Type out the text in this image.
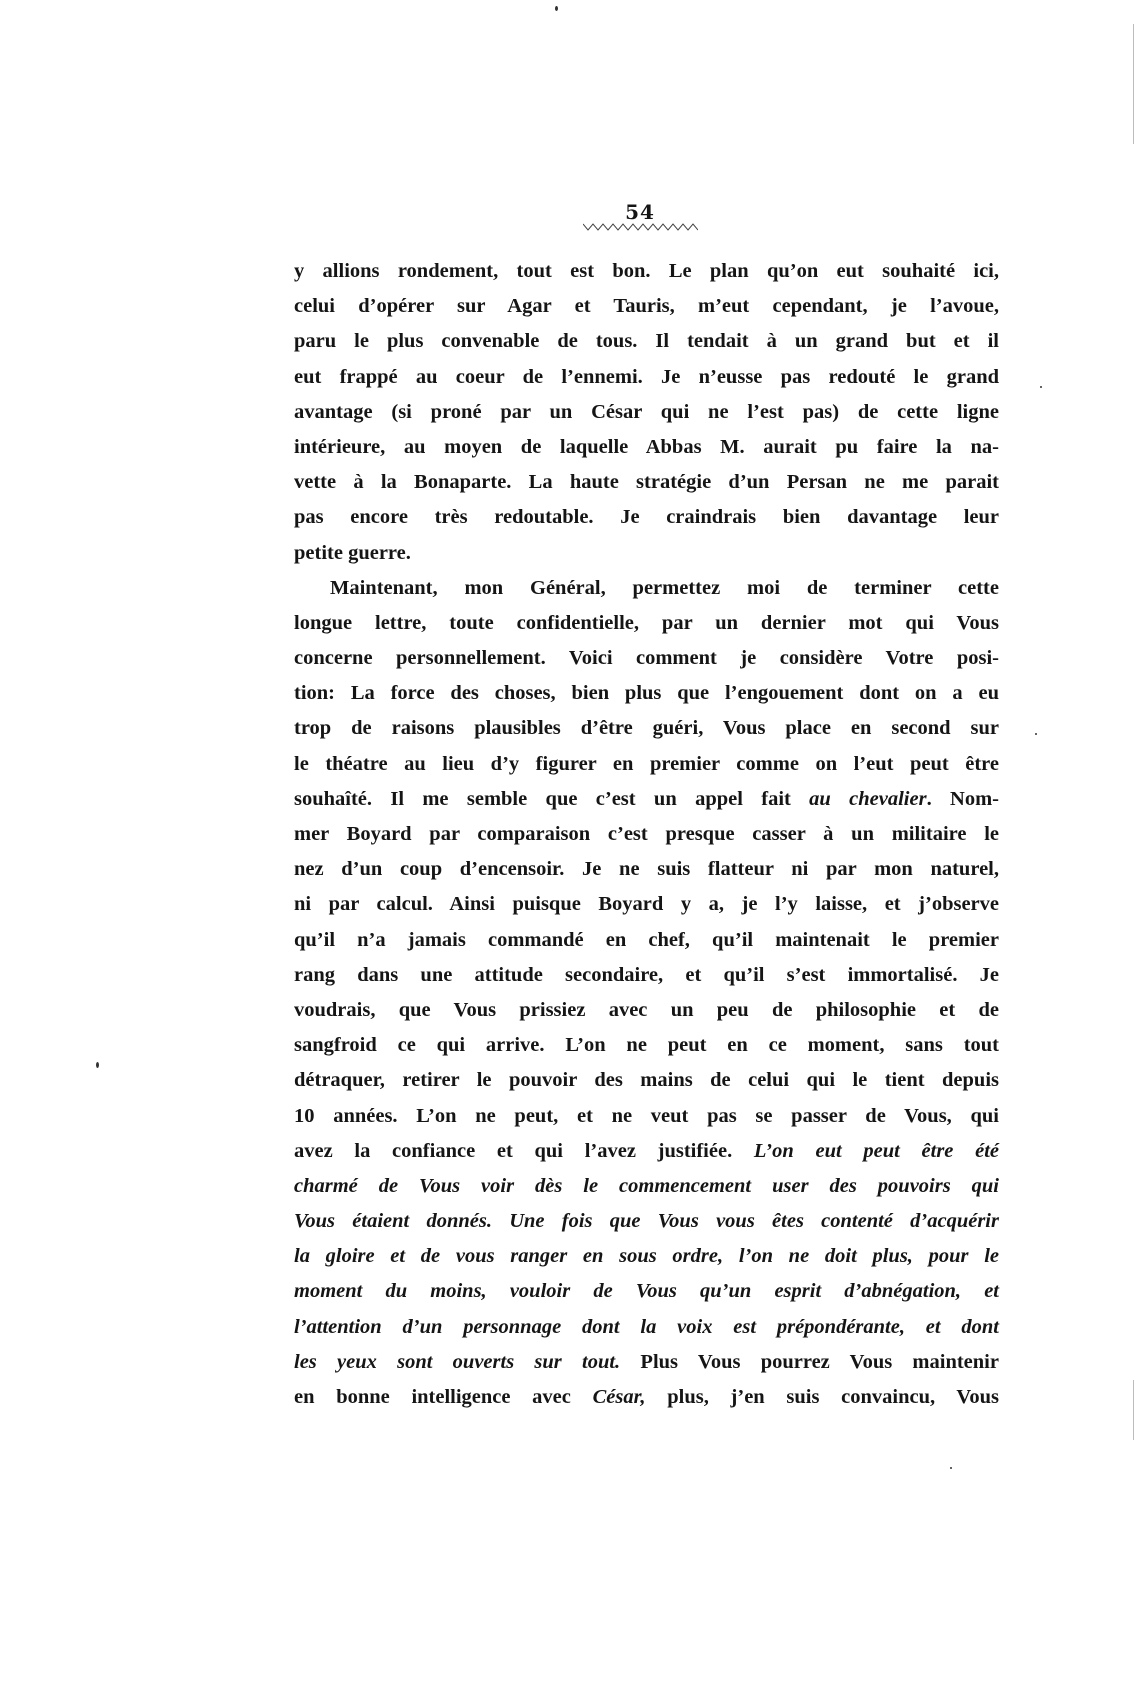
54
y allions rondement, tout est bon. Le plan qu’on eut souhaité ici,
celui d’opérer sur Agar et Tauris, m’eut cependant, je l’avoue,
paru le plus convenable de tous. Il tendait à un grand but et il
eut frappé au coeur de l’ennemi. Je n’eusse pas redouté le grand
avantage (si proné par un César qui ne l’est pas) de cette ligne
intérieure, au moyen de laquelle Abbas M. aurait pu faire la na-
vette à la Bonaparte. La haute stratégie d’un Persan ne me parait
pas encore très redoutable. Je craindrais bien davantage leur
petite guerre.
Maintenant, mon Général, permettez moi de terminer cette
longue lettre, toute confidentielle, par un dernier mot qui Vous
concerne personnellement. Voici comment je considère Votre posi-
tion: La force des choses, bien plus que l’engouement dont on a eu
trop de raisons plausibles d’être guéri, Vous place en second sur
le théatre au lieu d’y figurer en premier comme on l’eut peut être
souhaîté. Il me semble que c’est un appel fait au chevalier. Nom-
mer Boyard par comparaison c’est presque casser à un militaire le
nez d’un coup d’encensoir. Je ne suis flatteur ni par mon naturel,
ni par calcul. Ainsi puisque Boyard y a, je l’y laisse, et j’observe
qu’il n’a jamais commandé en chef, qu’il maintenait le premier
rang dans une attitude secondaire, et qu’il s’est immortalisé. Je
voudrais, que Vous prissiez avec un peu de philosophie et de
sangfroid ce qui arrive. L’on ne peut en ce moment, sans tout
détraquer, retirer le pouvoir des mains de celui qui le tient depuis
10 années. L’on ne peut, et ne veut pas se passer de Vous, qui
avez la confiance et qui l’avez justifiée. L’on eut peut être été
charmé de Vous voir dès le commencement user des pouvoirs qui
Vous étaient donnés. Une fois que Vous vous êtes contenté d’acquérir
la gloire et de vous ranger en sous ordre, l’on ne doit plus, pour le
moment du moins, vouloir de Vous qu’un esprit d’abnégation, et
l’attention d’un personnage dont la voix est prépondérante, et dont
les yeux sont ouverts sur tout. Plus Vous pourrez Vous maintenir
en bonne intelligence avec César, plus, j’en suis convaincu, Vous
